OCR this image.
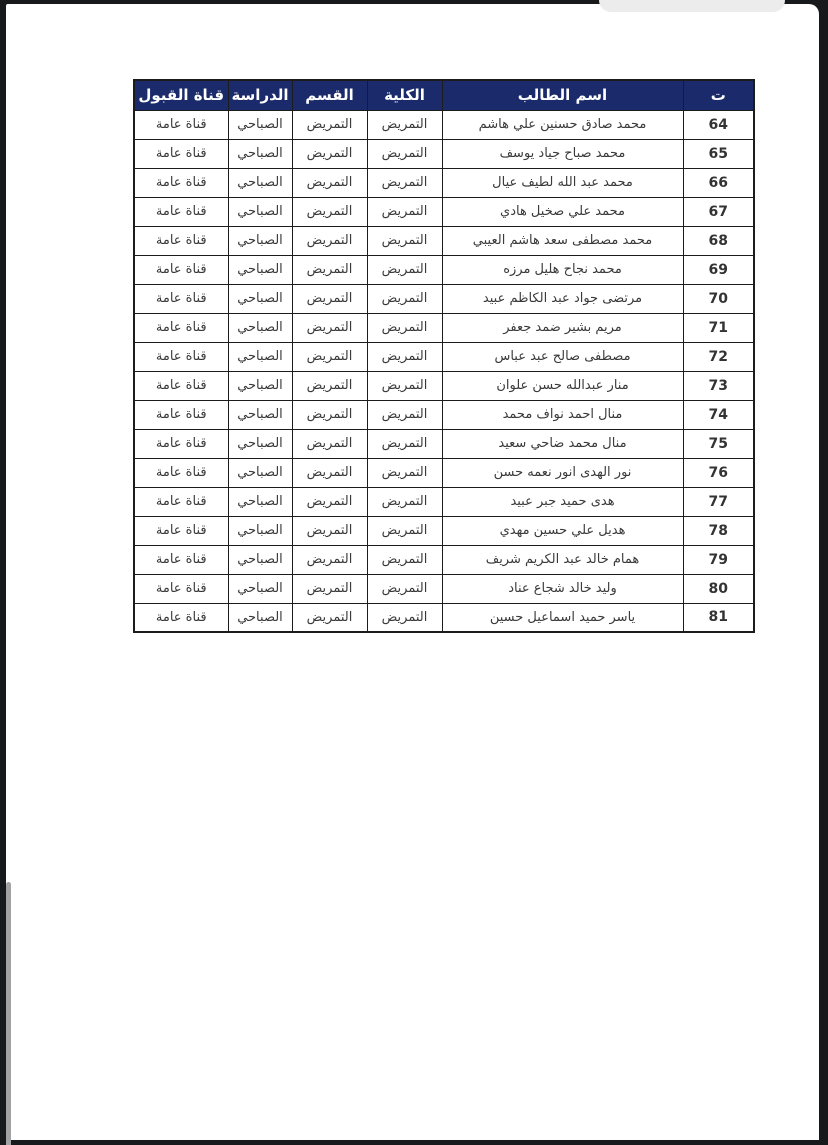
ت	اسم الطالب	الكلية	القسم	الدراسة	قناة القبول
64	محمد صادق حسنين علي هاشم	التمريض	التمريض	الصباحي	قناة عامة
65	محمد صباح جياد يوسف	التمريض	التمريض	الصباحي	قناة عامة
66	محمد عبد الله لطيف عيال	التمريض	التمريض	الصباحي	قناة عامة
67	محمد علي صخيل هادي	التمريض	التمريض	الصباحي	قناة عامة
68	محمد مصطفى سعد هاشم العيبي	التمريض	التمريض	الصباحي	قناة عامة
69	محمد نجاح هليل مرزه	التمريض	التمريض	الصباحي	قناة عامة
70	مرتضى جواد عبد الكاظم عبيد	التمريض	التمريض	الصباحي	قناة عامة
71	مريم بشير ضمد جعفر	التمريض	التمريض	الصباحي	قناة عامة
72	مصطفى صالح عبد عباس	التمريض	التمريض	الصباحي	قناة عامة
73	منار عبدالله حسن علوان	التمريض	التمريض	الصباحي	قناة عامة
74	منال احمد نواف محمد	التمريض	التمريض	الصباحي	قناة عامة
75	منال محمد ضاحي سعيد	التمريض	التمريض	الصباحي	قناة عامة
76	نور الهدى انور نعمه حسن	التمريض	التمريض	الصباحي	قناة عامة
77	هدى حميد جبر عبيد	التمريض	التمريض	الصباحي	قناة عامة
78	هديل علي حسين مهدي	التمريض	التمريض	الصباحي	قناة عامة
79	همام خالد عبد الكريم شريف	التمريض	التمريض	الصباحي	قناة عامة
80	وليد خالد شجاع عناد	التمريض	التمريض	الصباحي	قناة عامة
81	ياسر حميد اسماعيل حسين	التمريض	التمريض	الصباحي	قناة عامة
